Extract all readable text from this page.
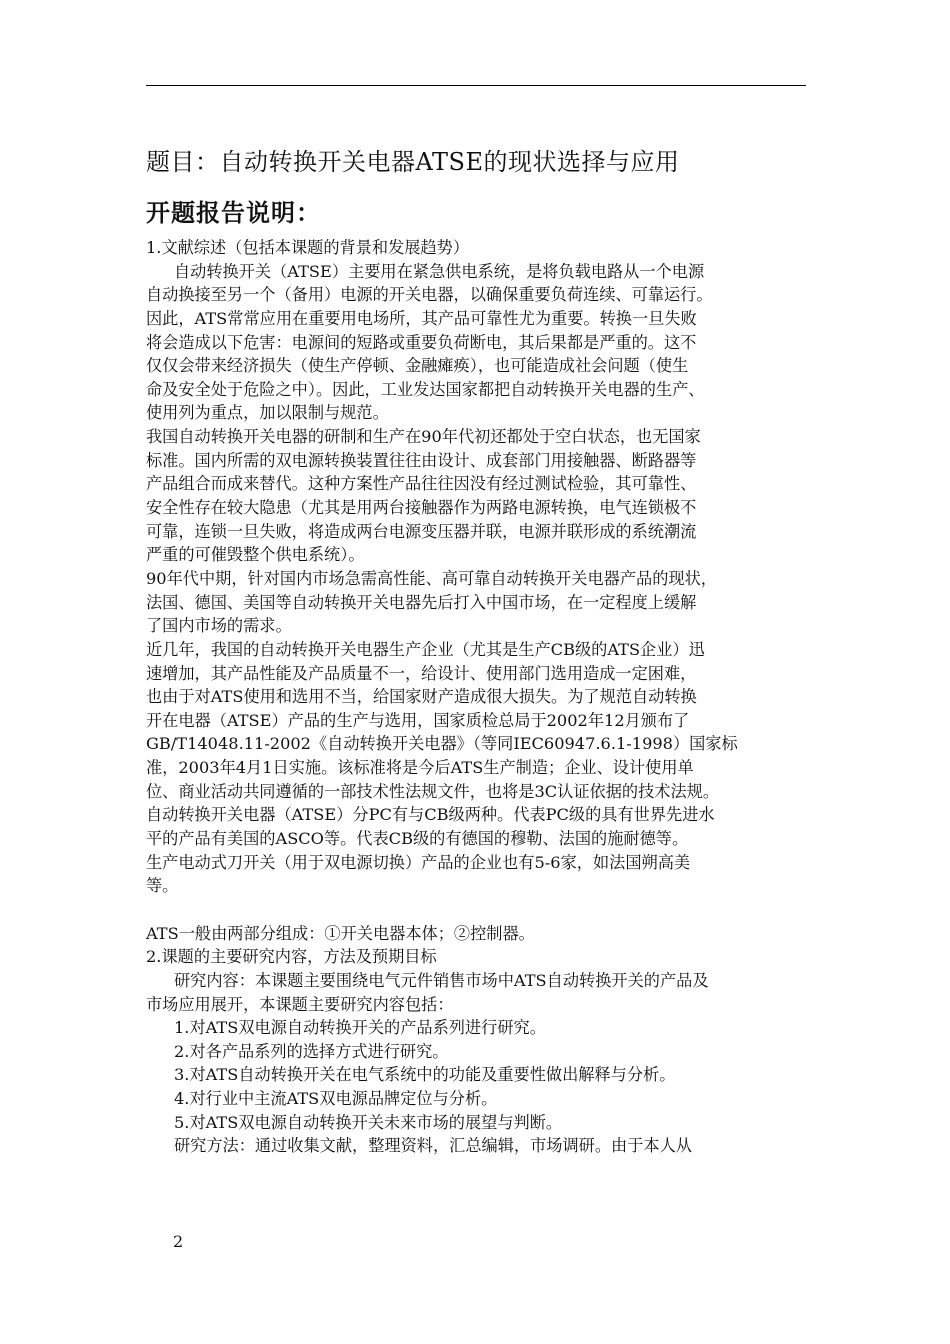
题目：自动转换开关电器ATSE的现状选择与应用
开题报告说明：
1.文献综述（包括本课题的背景和发展趋势）
自动转换开关（ATSE）主要用在紧急供电系统，是将负载电路从一个电源
自动换接至另一个（备用）电源的开关电器，以确保重要负荷连续、可靠运行。
因此，ATS常常应用在重要用电场所，其产品可靠性尤为重要。转换一旦失败
将会造成以下危害：电源间的短路或重要负荷断电，其后果都是严重的。这不
仅仅会带来经济损失（使生产停顿、金融瘫痪），也可能造成社会问题（使生
命及安全处于危险之中）。因此，工业发达国家都把自动转换开关电器的生产、
使用列为重点，加以限制与规范。
我国自动转换开关电器的研制和生产在90年代初还都处于空白状态，也无国家
标准。国内所需的双电源转换装置往往由设计、成套部门用接触器、断路器等
产品组合而成来替代。这种方案性产品往往因没有经过测试检验，其可靠性、
安全性存在较大隐患（尤其是用两台接触器作为两路电源转换，电气连锁极不
可靠，连锁一旦失败，将造成两台电源变压器并联，电源并联形成的系统潮流
严重的可催毁整个供电系统）。
90年代中期，针对国内市场急需高性能、高可靠自动转换开关电器产品的现状，
法国、德国、美国等自动转换开关电器先后打入中国市场，在一定程度上缓解
了国内市场的需求。
近几年，我国的自动转换开关电器生产企业（尤其是生产CB级的ATS企业）迅
速增加，其产品性能及产品质量不一，给设计、使用部门选用造成一定困难，
也由于对ATS使用和选用不当，给国家财产造成很大损失。为了规范自动转换
开在电器（ATSE）产品的生产与选用，国家质检总局于2002年12月颁布了
GB/T14048.11-2002《自动转换开关电器》（等同IEC60947.6.1-1998）国家标
准，2003年4月1日实施。该标准将是今后ATS生产制造；企业、设计使用单
位、商业活动共同遵循的一部技术性法规文件，也将是3C认证依据的技术法规。
自动转换开关电器（ATSE）分PC有与CB级两种。代表PC级的具有世界先进水
平的产品有美国的ASCO等。代表CB级的有德国的穆勒、法国的施耐德等。
生产电动式刀开关（用于双电源切换）产品的企业也有5-6家，如法国朔高美
等。
ATS一般由两部分组成：①开关电器本体；②控制器。
2.课题的主要研究内容，方法及预期目标
研究内容：本课题主要围绕电气元件销售市场中ATS自动转换开关的产品及
市场应用展开，本课题主要研究内容包括：
1.对ATS双电源自动转换开关的产品系列进行研究。
2.对各产品系列的选择方式进行研究。
3.对ATS自动转换开关在电气系统中的功能及重要性做出解释与分析。
4.对行业中主流ATS双电源品牌定位与分析。
5.对ATS双电源自动转换开关未来市场的展望与判断。
研究方法：通过收集文献，整理资料，汇总编辑，市场调研。由于本人从
2
